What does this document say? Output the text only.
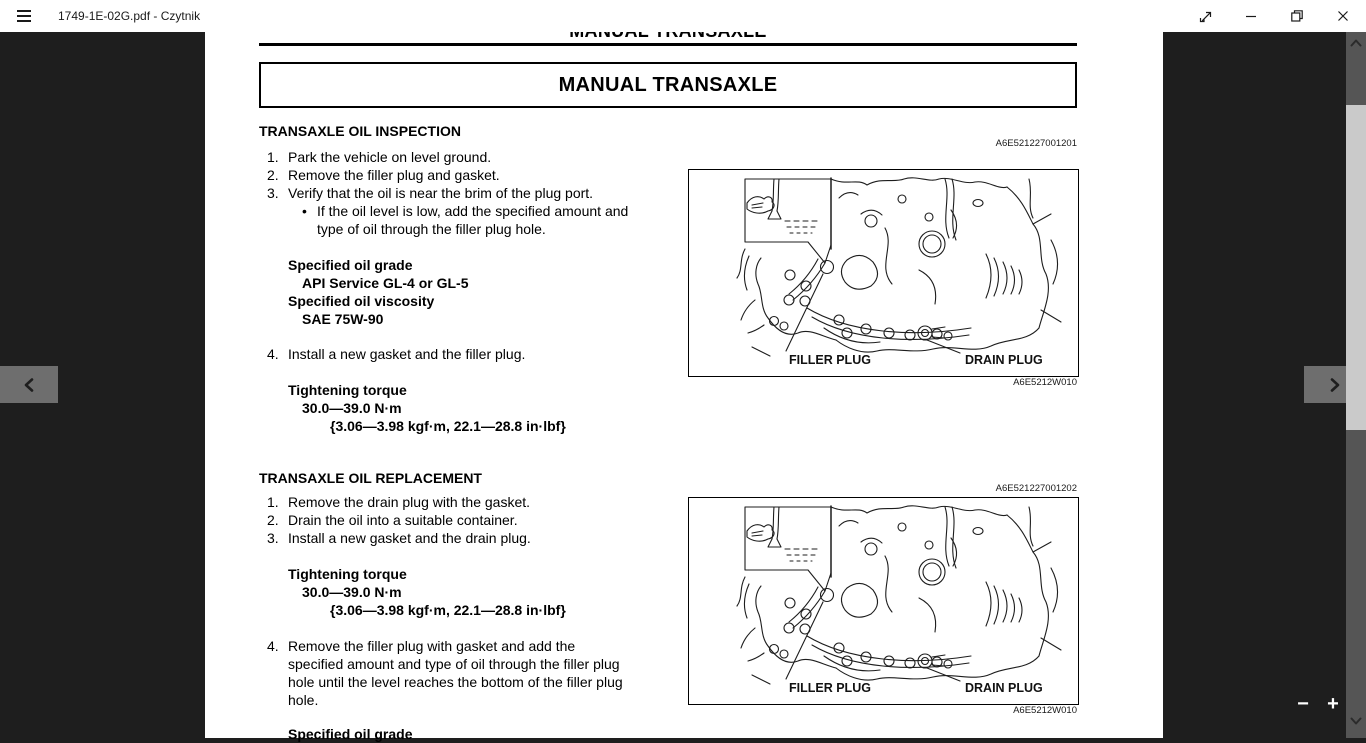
1749-1E-02G.pdf - Czytnik
MANUAL TRANSAXLE
TRANSAXLE OIL INSPECTION
1. Park the vehicle on level ground.
2. Remove the filler plug and gasket.
3. Verify that the oil is near the brim of the plug port.
• If the oil level is low, add the specified amount and type of oil through the filler plug hole.
Specified oil grade
API Service GL-4 or GL-5
Specified oil viscosity
SAE 75W-90
4. Install a new gasket and the filler plug.
Tightening torque
30.0—39.0 N·m
{3.06—3.98 kgf·m, 22.1—28.8 in·lbf}
TRANSAXLE OIL REPLACEMENT
1. Remove the drain plug with the gasket.
2. Drain the oil into a suitable container.
3. Install a new gasket and the drain plug.
Tightening torque
30.0—39.0 N·m
{3.06—3.98 kgf·m, 22.1—28.8 in·lbf}
4. Remove the filler plug with gasket and add the specified amount and type of oil through the filler plug hole until the level reaches the bottom of the filler plug hole.
Specified oil grade
A6E521227001201
FILLER PLUG	DRAIN PLUG
A6E5212W010
A6E521227001202
FILLER PLUG	DRAIN PLUG
A6E5212W010	− +
